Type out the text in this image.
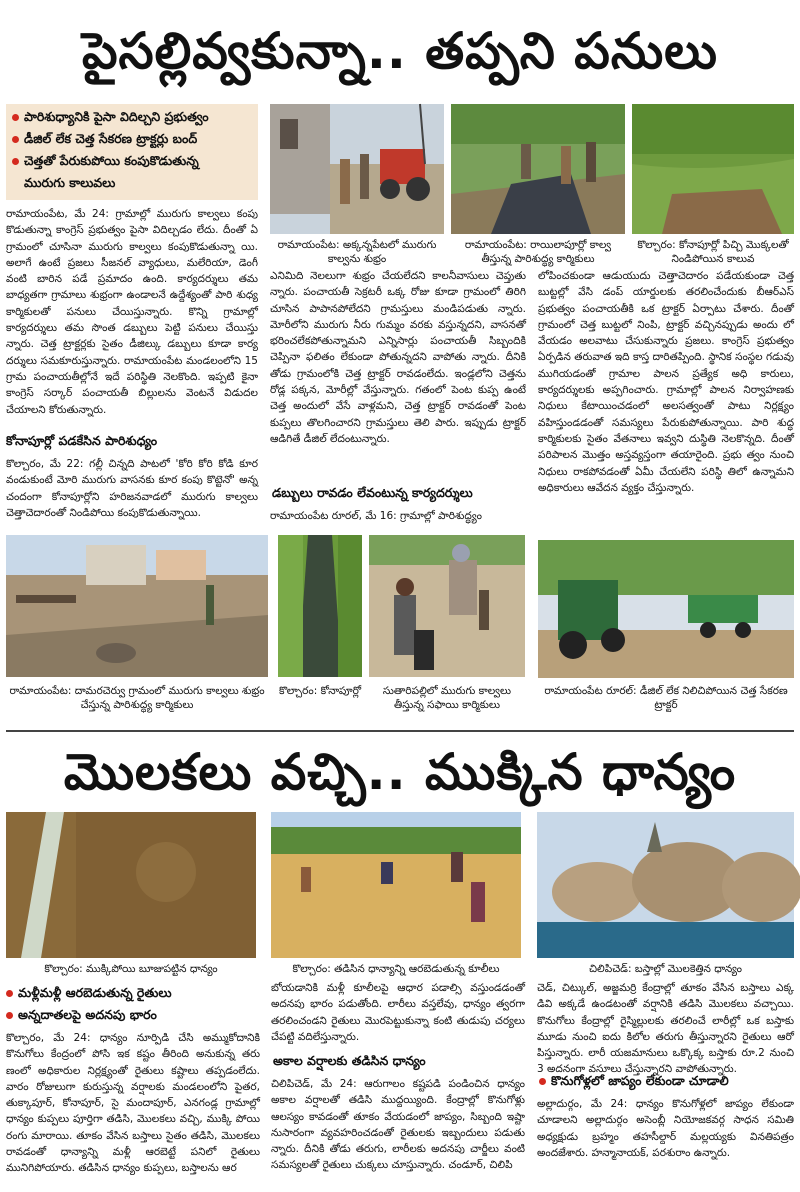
పైసల్లివ్వకున్నా.. తప్పని పనులు
పారిశుధ్యానికి పైసా విదిల్చని ప్రభుత్వం
డీజిల్ లేక చెత్త సేకరణ ట్రాక్టర్లు బంద్
చెత్తతో పేరుకుపోయి కంపుకొడుతున్న
మురుగు కాలువలు
రామాయంపేట: అక్కన్నపేటలో మురుగు కాల్వను శుభ్రం
రామాయంపేట: రాయిలాపూర్లో కాల్వ తీస్తున్న పారిశుద్ధ్య కార్మికులు
కొల్చారం: కోనాపూర్లో పిచ్చి మొక్కలతో నిండిపోయిన కాలువ
రామాయంపేట, మే 24: గ్రామాల్లో మురుగు కాల్వలు కంపు కొడుతున్నా కాంగ్రెస్ ప్రభుత్వం పైసా విదిల్చడం లేదు. దీంతో ఏ గ్రామంలో చూసినా మురుగు కాల్వలు కంపుకొడుతున్నా యి. అలాగే ఉంటే ప్రజలు సీజనల్ వ్యాధులు, మలేరియా, డెంగీ వంటి బారిన పడే ప్రమాదం ఉంది. కార్యదర్శులు తమ బాధ్యతగా గ్రామాలు శుభ్రంగా ఉండాలనే ఉద్దేశ్యంతో పారి శుధ్య కార్మికులతో పనులు చేయిస్తున్నారు. కొన్ని గ్రామాల్లో కార్యదర్శులు తమ సొంత డబ్బులు పెట్టి పనులు చేయిస్తు న్నారు. చెత్త ట్రాక్టర్లకు సైతం డీజిల్కు డబ్బులు కూడా కార్య దర్శులు సమకూరుస్తున్నారు. రామాయంపేట మండలంలోని 15 గ్రామ పంచాయతీల్లోనే ఇదే పరిస్థితి నెలకొంది. ఇప్పటి కైనా కాంగ్రెస్ సర్కార్ పంచాయతీ బిల్లులను వెంటనే విడుదల చేయాలని కోరుతున్నారు.
కోనాపూర్లో పడకేసిన పారిశుధ్యం
కొల్చారం, మే 22: గల్లీ చిన్నది పాటలో 'కోరి కోరి కోడి కూర వండుకుంటే మోరి మురుగు వాసనకు కూర కంపు కొట్టెనో' అన్న చందంగా కోనాపూర్లోని హరిజనవాడలో మురుగు కాల్వలు చెత్తాచెదారంతో నిండిపోయి కంపుకొడుతున్నాయి.
ఎనిమిది నెలలుగా శుభ్రం చేయలేదని కాలనీవాసులు చెప్తుతు న్నారు. పంచాయతీ సెక్రటరీ ఒక్క రోజు కూడా గ్రామంలో తిరిగి చూసిన పాపానపోలేదని గ్రామస్తులు మండిపడుతు న్నారు. మోరీలోని మురుగు నీరు గుమ్మం వరకు వస్తున్నదని, వాసనతో భరించలేకపోతున్నామని ఎన్నిసార్లు పంచాయతీ సిబ్బందికి చెప్పినా ఫలితం లేకుండా పోతున్నదని వాపోతు న్నారు. దీనికి తోడు గ్రామంలోకి చెత్త ట్రాక్టర్ రావడంలేదు. ఇండ్లలోని చెత్తను రోడ్ల పక్కన, మోరీల్లో వేస్తున్నారు. గతంలో పెంట కుప్ప ఉంటే చెత్త అందులో వేసే వాళ్లమని, చెత్త ట్రాక్టర్ రావడంతో పెంట కుప్పలు తొలగించారని గ్రామస్తులు తెలి పారు. ఇప్పుడు ట్రాక్టర్ ఆడిగితే డీజిల్ లేదంటున్నారు.
డబ్బులు రావడం లేవంటున్న కార్యదర్శులు
రామాయంపేట రూరల్, మే 16: గ్రామాల్లో పారిశుద్ధ్యం
లోపించకుండా ఆడుయుదు చెత్తాచెదారం పడేయకుండా చెత్త బుట్టల్లో వేసి డంప్ యార్డులకు తరలించేందుకు బీఆర్ఎస్ ప్రభుత్వం పంచాయతీకి ఒక ట్రాక్టర్ ఏర్పాటు చేశారు. దీంతో గ్రామంలో చెత్త బుట్టలో నింపి, ట్రాక్టర్ వచ్చినప్పుడు అందు లో వేయడం అలవాటు చేసుకున్నారు ప్రజలు. కాంగ్రెస్ ప్రభుత్వం ఏర్పడిన తరువాత ఇది కాస్త దారితప్పింది. స్థానిక సంస్థల గడువు ముగియడంతో గ్రామాల పాలన ప్రత్యేక అధి కారులు, కార్యదర్శులకు అప్పగించారు. గ్రామాల్లో పాలన నిర్వాహణకు నిధులు కేటాయించడంలో అలసత్వంతో పాటు నిర్లక్ష్యం వహిస్తుండడంతో సమస్యలు పేరుకుపోతున్నాయి. పారి శుద్ధ కార్మికులకు సైతం వేతనాలు ఇవ్వని దుస్థితి నెలకొన్నది. దీంతో పరిపాలన మొత్తం అస్తవ్యస్తంగా తయారైంది. ప్రభు త్వం నుంచి నిధులు రాకపోవడంతో ఏమీ చేయలేని పరిస్థి తిలో ఉన్నామని అధికారులు ఆవేదన వ్యక్తం చేస్తున్నారు.
రామాయంపేట: దామరచెర్వు గ్రామంలో మురుగు కాల్వలు శుభ్రం చేస్తున్న పారిశుద్ధ్య కార్మికులు
కొల్చారం: కోనాపూర్లో	సుతారిపల్లిలో మురుగు కాల్వలు తీస్తున్న సఫాయి కార్మికులు
రామాయంపేట రూరల్: డీజిల్ లేక నిలిచిపోయిన చెత్త సేకరణ ట్రాక్టర్
మొలకలు వచ్చి.. ముక్కిన ధాన్యం
కొల్చారం: ముక్కిపోయి బూజుపట్టిన ధాన్యం	కొల్చారం: తడిసిన ధాన్యాన్ని ఆరబెడుతున్న కూలీలు	చిలిపిచెడ్: బస్తాల్లో మొలకెత్తిన ధాన్యం
మళ్లీమళ్లీ ఆరబెడుతున్న రైతులు
అన్నదాతలపై అదనపు భారం
కొల్చారం, మే 24: ధాన్యం నూర్పిడి చేసి అమ్ముకోదానికి కొనుగోలు కేంద్రంలో పోసి ఇక కష్టం తీరింది అనుకున్న తరు ణంలో అధికారుల నిర్లక్ష్యంతో రైతులు కష్టాలు తప్పడంలేదు. వారం రోజులుగా కురుస్తున్న వర్షాలకు మండలంలోని పైతర, తుక్కాపూర్, కోనాపూర్, సై మందాపూర్, ఎనగండ్ల గ్రామాల్లో ధాన్యం కుప్పలు పూర్తిగా తడిసి, మొలకలు వచ్చి, ముక్కి పోయి రంగు మారాయి. తూకం వేసిన బస్తాలు సైతం తడిసి, మొలకలు రావడంతో ధాన్యాన్ని మళ్లీ ఆరబెట్టే పనిలో రైతులు మునిగిపోయారు. తడిసిన ధాన్యం కుప్పలు, బస్తాలను ఆర
బోయడానికి మళ్లీ కూలీలపై ఆధార పడాల్సి వస్తుండడంతో అదనపు భారం పడుతోంది. లారీలు వస్తలేవు, ధాన్యం త్వరగా తరలించండని రైతులు మొరపెట్టుకున్నా కంటి తుడుపు చర్యలు చేపట్టి వదిలేస్తున్నారు.
అకాల వర్షాలకు తడిసిన ధాన్యం
చిలిపిచెడ్, మే 24: ఆరుగాలం కష్టపడి పండించిన ధాన్యం అకాల వర్షాలతో తడిసి ముద్దయ్యింది. కేంద్రాల్లో కొనుగోళ్లు ఆలస్యం కావడంతో తూకం వేయడంలో జాప్యం, సిబ్బంది ఇష్టా నుసారంగా వ్యవహరించడంతో రైతులకు ఇబ్బందులు పడుతు న్నారు. దీనికి తోడు తరుగు, లారీలకు అదనపు చార్జీలు వంటి సమస్యలతో రైతులు చుక్కలు చూస్తున్నారు. చండూర్, చిలిపి
చెడ్, చిట్కుల్, అజ్జమర్రి కేంద్రాల్లో తూకం వేసిన బస్తాలు ఎక్క డివి అక్కడే ఉండటంతో వర్షానికి తడిసి మొలకలు వచ్చాయి. కొనుగోలు కేంద్రాల్లో రైస్మిల్లులకు తరలించే లారీల్లో ఒక బస్తాకు మూడు నుంచి ఐదు కిలోల తరుగు తీస్తున్నారని రైతులు ఆరో పిస్తున్నారు. లారీ యజమానులు ఒక్కొక్క బస్తాకు రూ.2 నుంచి 3 అదనంగా వసూలు చేస్తున్నారని వాపోతున్నారు.
కొనుగోళ్లలో జాప్యం లేకుండా చూడాలి
అల్లాదుర్గం, మే 24: ధాన్యం కొనుగోళ్లలో జాప్యం లేకుండా చూడాలని అల్లాదుర్గం అసెంబ్లీ నియోజకవర్గ సాధన సమితి అధ్యక్షుడు బ్రహ్మం తహసీల్దార్ మల్లయ్యకు వినతిపత్రం అందజేశారు. హన్మానాయక్, పరశురాం ఉన్నారు.
